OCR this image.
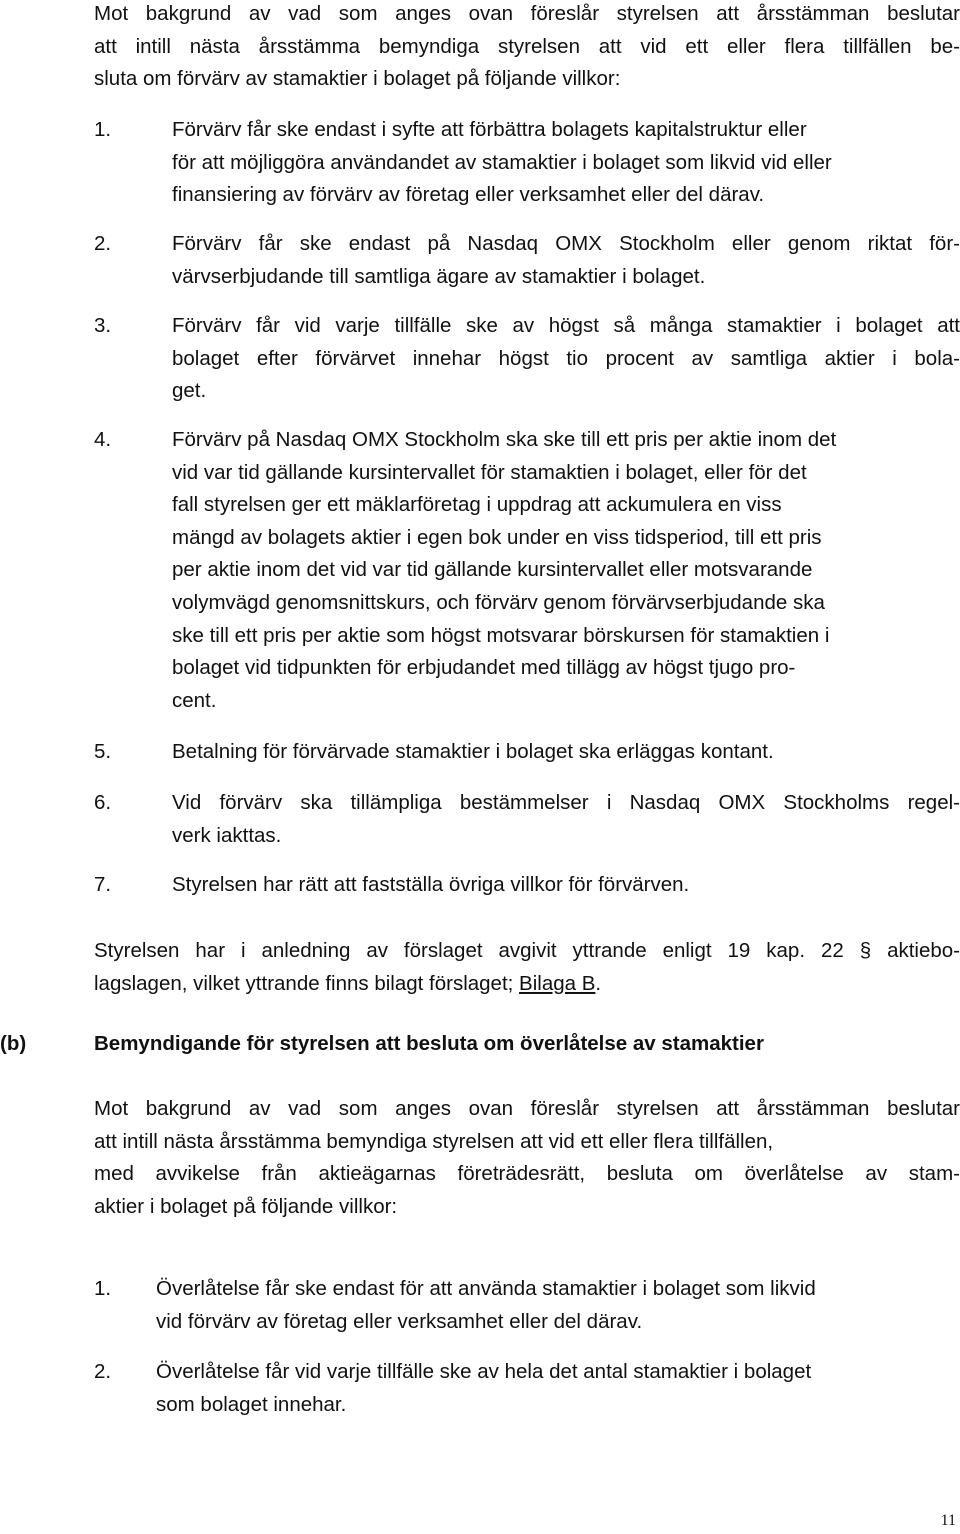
Mot bakgrund av vad som anges ovan föreslår styrelsen att årsstämman beslutar
att intill nästa årsstämma bemyndiga styrelsen att vid ett eller flera tillfällen be-
sluta om förvärv av stamaktier i bolaget på följande villkor:
1.	Förvärv får ske endast i syfte att förbättra bolagets kapitalstruktur eller
för att möjliggöra användandet av stamaktier i bolaget som likvid vid eller
finansiering av förvärv av företag eller verksamhet eller del därav.
2.	Förvärv får ske endast på Nasdaq OMX Stockholm eller genom riktat för-
värvserbjudande till samtliga ägare av stamaktier i bolaget.
3.	Förvärv får vid varje tillfälle ske av högst så många stamaktier i bolaget att
bolaget efter förvärvet innehar högst tio procent av samtliga aktier i bola-
get.
4.	Förvärv på Nasdaq OMX Stockholm ska ske till ett pris per aktie inom det
vid var tid gällande kursintervallet för stamaktien i bolaget, eller för det
fall styrelsen ger ett mäklarföretag i uppdrag att ackumulera en viss
mängd av bolagets aktier i egen bok under en viss tidsperiod, till ett pris
per aktie inom det vid var tid gällande kursintervallet eller motsvarande
volymvägd genomsnittskurs, och förvärv genom förvärvserbjudande ska
ske till ett pris per aktie som högst motsvarar börskursen för stamaktien i
bolaget vid tidpunkten för erbjudandet med tillägg av högst tjugo pro-
cent.
5.	Betalning för förvärvade stamaktier i bolaget ska erläggas kontant.
6.	Vid förvärv ska tillämpliga bestämmelser i Nasdaq OMX Stockholms regel-
verk iakttas.
7.	Styrelsen har rätt att fastställa övriga villkor för förvärven.
Styrelsen har i anledning av förslaget avgivit yttrande enligt 19 kap. 22 § aktiebo-
lagslagen, vilket yttrande finns bilagt förslaget; Bilaga B.
(b)	Bemyndigande för styrelsen att besluta om överlåtelse av stamaktier
Mot bakgrund av vad som anges ovan föreslår styrelsen att årsstämman beslutar
att intill nästa årsstämma bemyndiga styrelsen att vid ett eller flera tillfällen,
med avvikelse från aktieägarnas företrädesrätt, besluta om överlåtelse av stam-
aktier i bolaget på följande villkor:
1. Överlåtelse får ske endast för att använda stamaktier i bolaget som likvid
vid förvärv av företag eller verksamhet eller del därav.
2. Överlåtelse får vid varje tillfälle ske av hela det antal stamaktier i bolaget
som bolaget innehar.
11
